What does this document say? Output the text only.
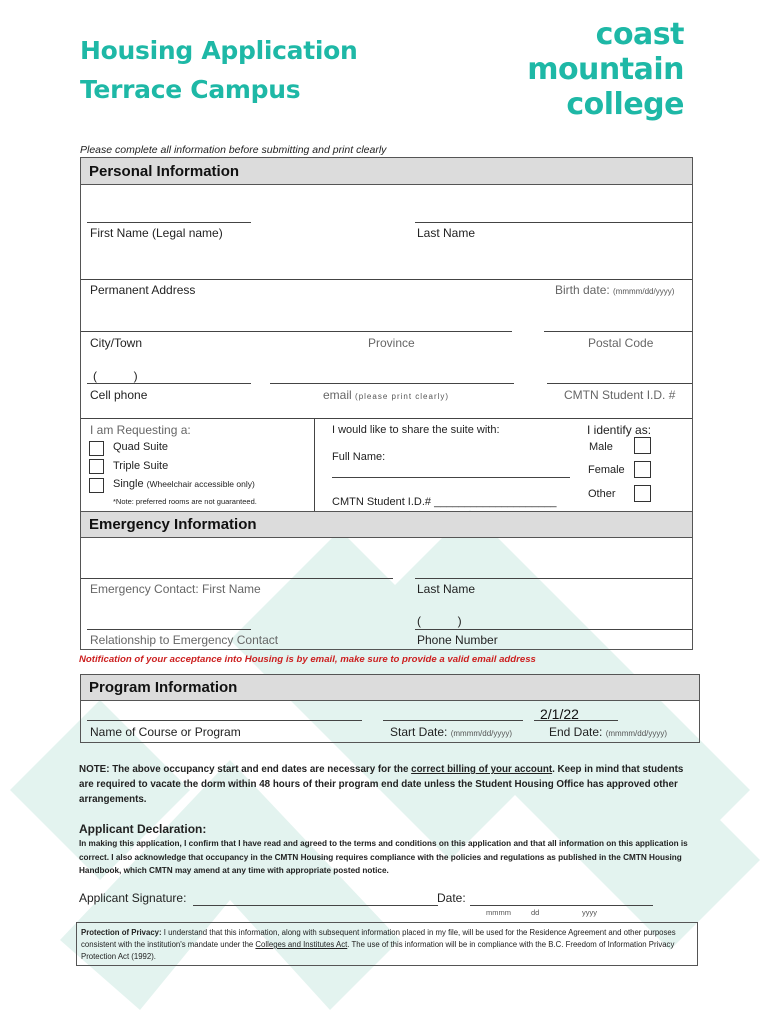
Housing Application
Terrace Campus
coast
mountain
college
Please complete all information before submitting and print clearly
Personal Information
First Name (Legal name)	Last Name
Permanent Address	Birth date: (mmmm/dd/yyyy)
City/Town	Province	Postal Code
(           )
Cell phone	email (please print clearly)	CMTN Student I.D. #
I am Requesting a:
Quad Suite
Triple Suite
Single (Wheelchair accessible only)
*Note: preferred rooms are not guaranteed.
I would like to share the suite with:
Full Name:
CMTN Student I.D.# ____________________
I identify as:
Male
Female
Other
Emergency Information
Emergency Contact: First Name	Last Name
(           )
Relationship to Emergency Contact	Phone Number
Notification of your acceptance into Housing is by email, make sure to provide a valid email address
Program Information
2/1/22
Name of Course or Program	Start Date: (mmmm/dd/yyyy)	End Date: (mmmm/dd/yyyy)
NOTE: The above occupancy start and end dates are necessary for the correct billing of your account. Keep in mind that students are required to vacate the dorm within 48 hours of their program end date unless the Student Housing Office has approved other arrangements.
Applicant Declaration:
In making this application, I confirm that I have read and agreed to the terms and conditions on this application and that all information on this application is correct. I also acknowledge that occupancy in the CMTN Housing requires compliance with the policies and regulations as published in the CMTN Housing Handbook, which CMTN may amend at any time with appropriate posted notice.
Applicant Signature:	Date:
mmmm	dd	yyyy
Protection of Privacy: I understand that this information, along with subsequent information placed in my file, will be used for the Residence Agreement and other purposes consistent with the institution's mandate under the Colleges and Institutes Act. The use of this information will be in compliance with the B.C. Freedom of Information Privacy Protection Act (1992).
